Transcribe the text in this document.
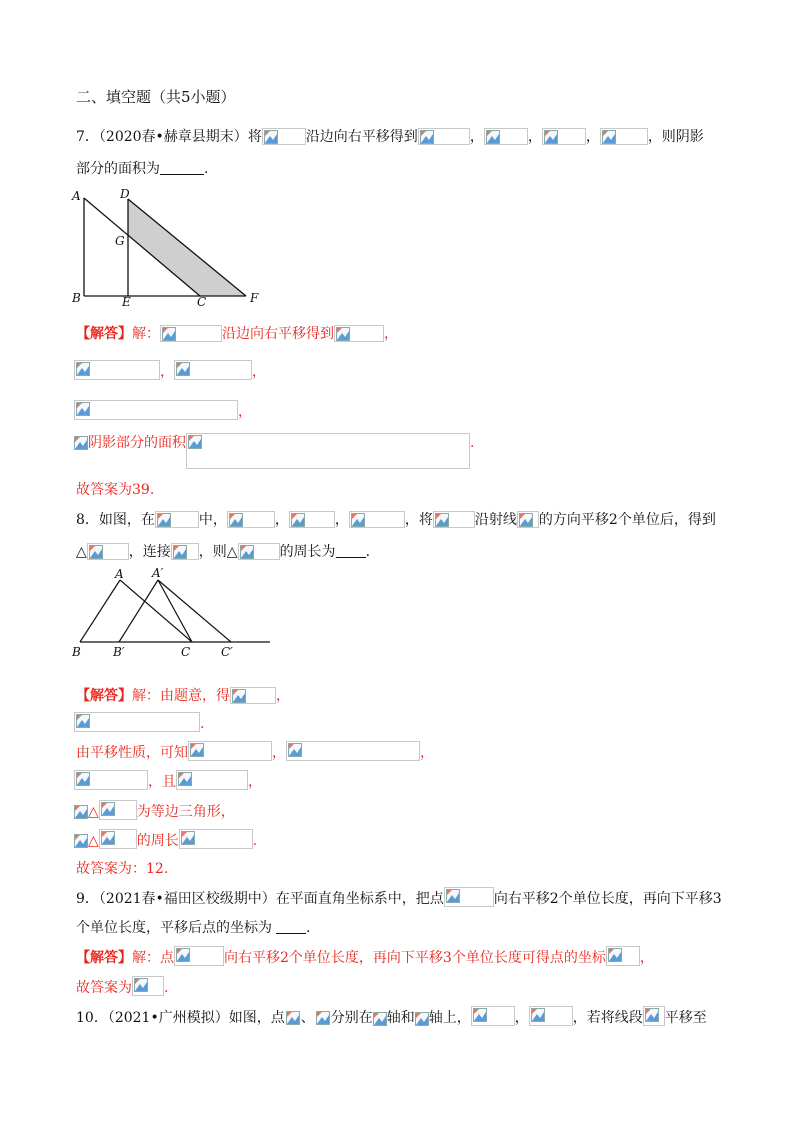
二、填空题（共5小题）
7．（2020春•赫章县期末）将	沿边向右平移得到	，	，	，	，则阴影
部分的面积为	.
A	D
G
B	E	C	F
【解答】解：	沿边向右平移得到	，
，	，
，
阴影部分的面积	.
故答案为39.
8．如图，在	中，	，	，	，将	沿射线 的方向平移2个单位后，得到
△	，连接 ，则△	的周长为 .
A A′
B	B′	C	C′
【解答】解：由题意，得	，
.
由平移性质，可知	，	，
，且	，
△	为等边三角形，
△	的周长	.
故答案为：12.
9．（2021春•福田区校级期中）在平面直角坐标系中，把点	向右平移2个单位长度，再向下平移3
个单位长度，平移后点的坐标为 .
【解答】解：点	向右平移2个单位长度，再向下平移3个单位长度可得点的坐标 ，
故答案为 .
10．（2021•广州模拟）如图，点 、 分别在 轴和 轴上，	，	，若将线段 平移至
